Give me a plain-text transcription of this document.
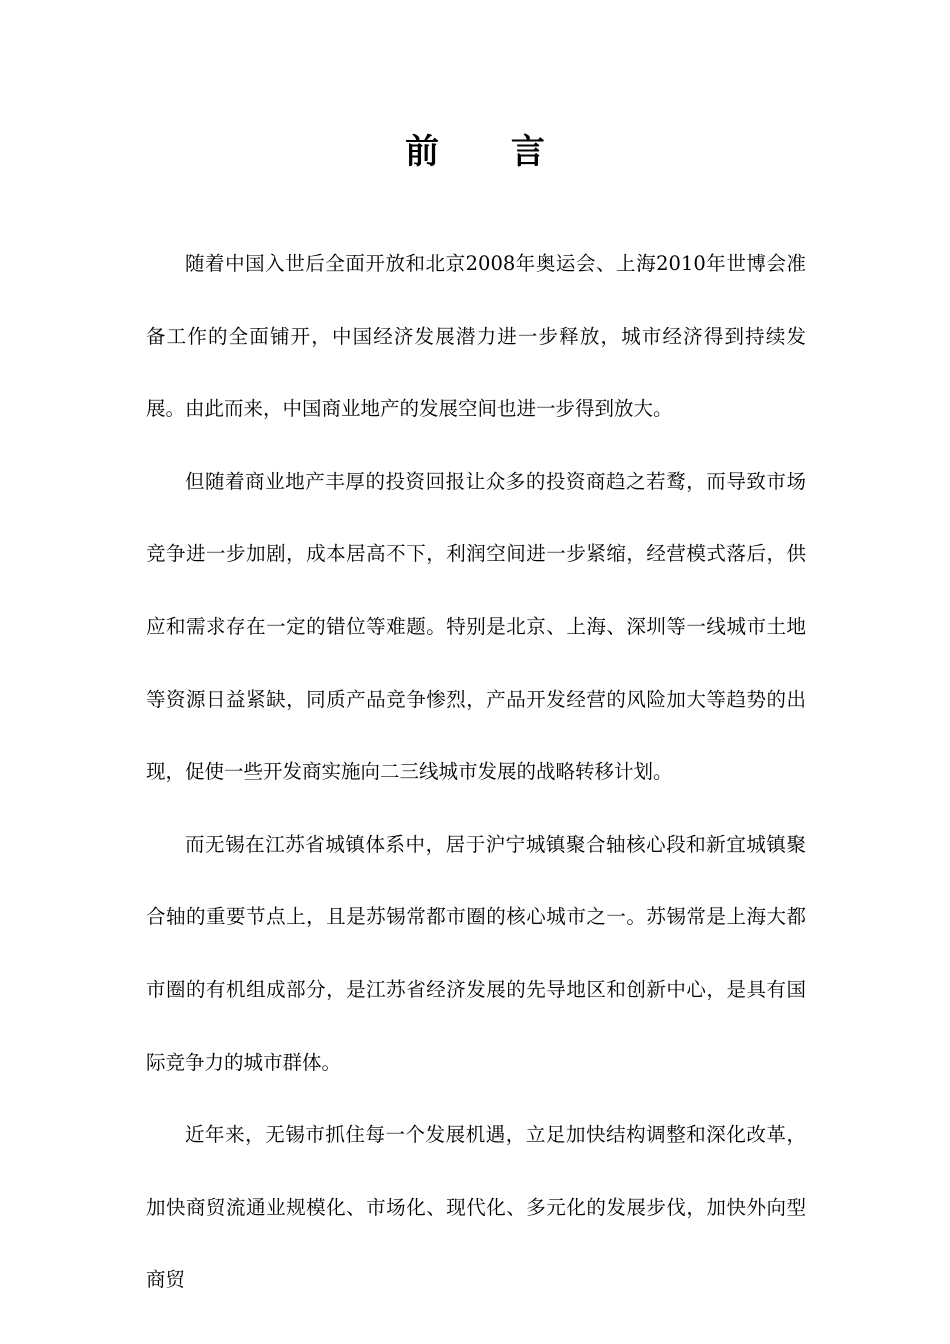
前 言

随着中国入世后全面开放和北京2008年奥运会、上海2010年世博会准备工作的全面铺开，中国经济发展潜力进一步释放，城市经济得到持续发展。由此而来，中国商业地产的发展空间也进一步得到放大。

但随着商业地产丰厚的投资回报让众多的投资商趋之若鹜，而导致市场竞争进一步加剧，成本居高不下，利润空间进一步紧缩，经营模式落后，供应和需求存在一定的错位等难题。特别是北京、上海、深圳等一线城市土地等资源日益紧缺，同质产品竞争惨烈，产品开发经营的风险加大等趋势的出现，促使一些开发商实施向二三线城市发展的战略转移计划。

而无锡在江苏省城镇体系中，居于沪宁城镇聚合轴核心段和新宜城镇聚合轴的重要节点上，且是苏锡常都市圈的核心城市之一。苏锡常是上海大都市圈的有机组成部分，是江苏省经济发展的先导地区和创新中心，是具有国际竞争力的城市群体。

近年来，无锡市抓住每一个发展机遇，立足加快结构调整和深化改革，加快商贸流通业规模化、市场化、现代化、多元化的发展步伐，加快外向型商贸
